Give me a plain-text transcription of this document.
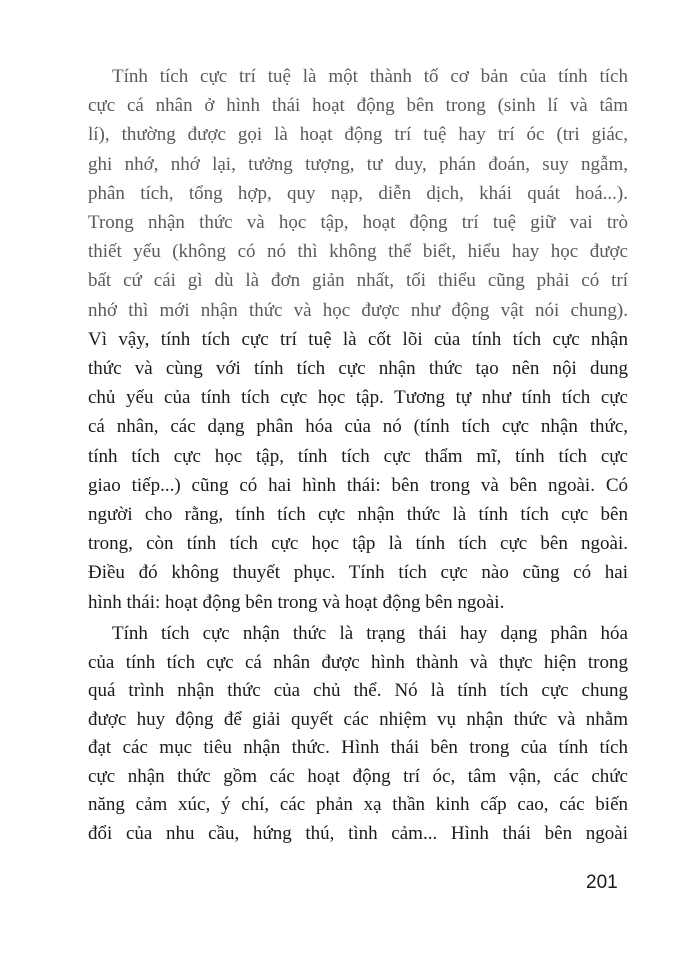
Tính tích cực trí tuệ là một thành tố cơ bản của tính tích
cực cá nhân ở hình thái hoạt động bên trong (sinh lí và tâm
lí), thường được gọi là hoạt động trí tuệ hay trí óc (tri giác,
ghi nhớ, nhớ lại, tưởng tượng, tư duy, phán đoán, suy ngẫm,
phân tích, tổng hợp, quy nạp, diễn dịch, khái quát hoá...).
Trong nhận thức và học tập, hoạt động trí tuệ giữ vai trò
thiết yếu (không có nó thì không thể biết, hiểu hay học được
bất cứ cái gì dù là đơn giản nhất, tối thiểu cũng phải có trí
nhớ thì mới nhận thức và học được như động vật nói chung).
Vì vậy, tính tích cực trí tuệ là cốt lõi của tính tích cực nhận
thức và cùng với tính tích cực nhận thức tạo nên nội dung
chủ yếu của tính tích cực học tập. Tương tự như tính tích cực
cá nhân, các dạng phân hóa của nó (tính tích cực nhận thức,
tính tích cực học tập, tính tích cực thẩm mĩ, tính tích cực
giao tiếp...) cũng có hai hình thái: bên trong và bên ngoài. Có
người cho rằng, tính tích cực nhận thức là tính tích cực bên
trong, còn tính tích cực học tập là tính tích cực bên ngoài.
Điều đó không thuyết phục. Tính tích cực nào cũng có hai
hình thái: hoạt động bên trong và hoạt động bên ngoài.
Tính tích cực nhận thức là trạng thái hay dạng phân hóa
của tính tích cực cá nhân được hình thành và thực hiện trong
quá trình nhận thức của chủ thể. Nó là tính tích cực chung
được huy động để giải quyết các nhiệm vụ nhận thức và nhằm
đạt các mục tiêu nhận thức. Hình thái bên trong của tính tích
cực nhận thức gồm các hoạt động trí óc, tâm vận, các chức
năng cảm xúc, ý chí, các phản xạ thần kinh cấp cao, các biến
đổi của nhu cầu, hứng thú, tình cảm... Hình thái bên ngoài
201
